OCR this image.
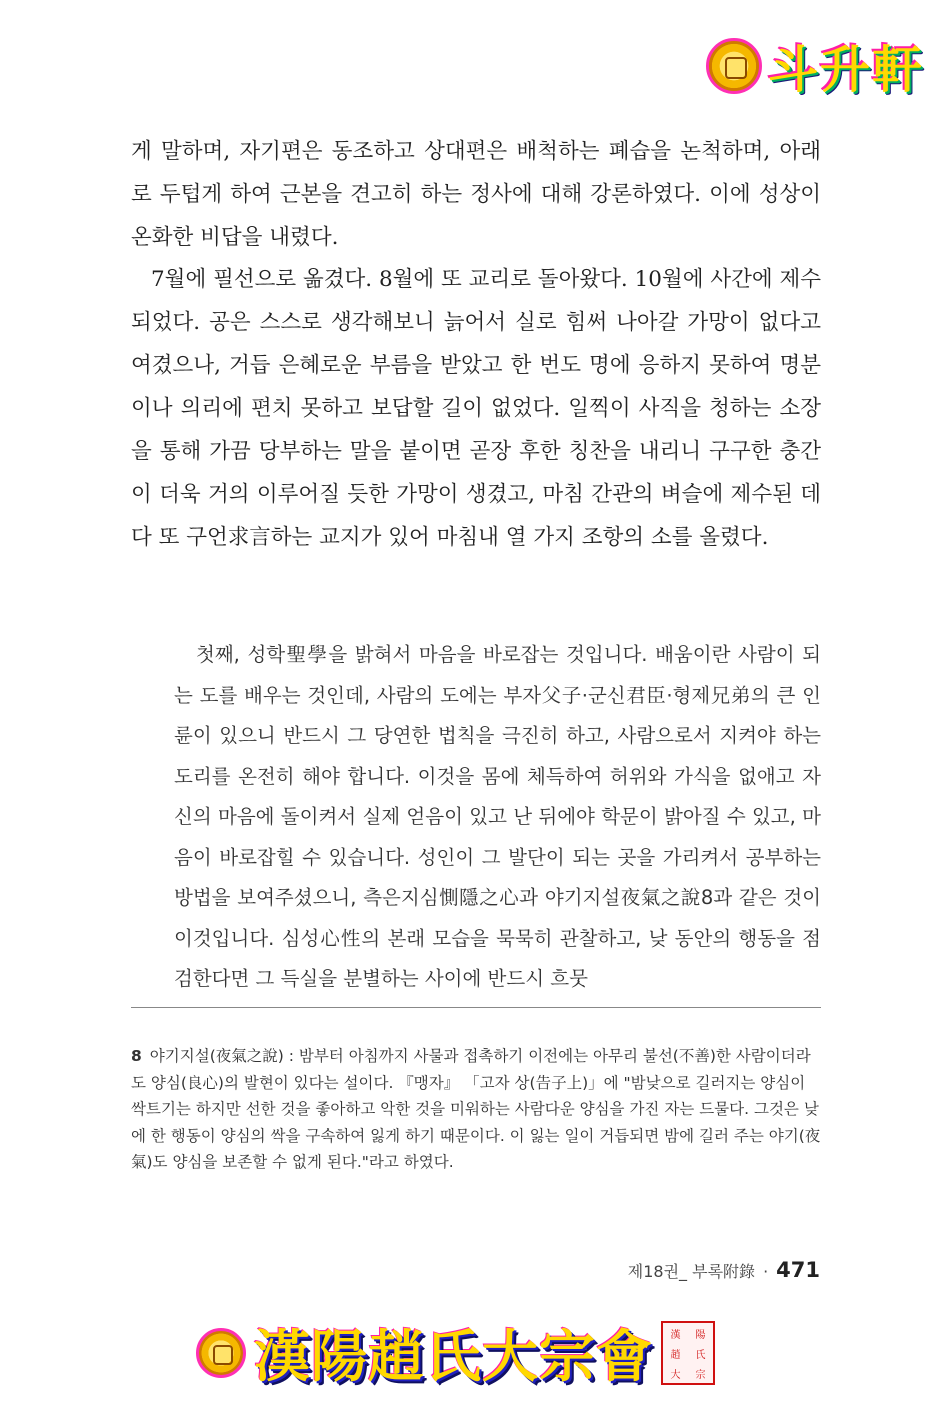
斗升軒

게 말하며, 자기편은 동조하고 상대편은 배척하는 폐습을 논척하며, 아래로 두텁게 하여 근본을 견고히 하는 정사에 대해 강론하였다. 이에 성상이 온화한 비답을 내렸다.

7월에 필선으로 옮겼다. 8월에 또 교리로 돌아왔다. 10월에 사간에 제수되었다. 공은 스스로 생각해보니 늙어서 실로 힘써 나아갈 가망이 없다고 여겼으나, 거듭 은혜로운 부름을 받았고 한 번도 명에 응하지 못하여 명분이나 의리에 편치 못하고 보답할 길이 없었다. 일찍이 사직을 청하는 소장을 통해 가끔 당부하는 말을 붙이면 곧장 후한 칭찬을 내리니 구구한 충간이 더욱 거의 이루어질 듯한 가망이 생겼고, 마침 간관의 벼슬에 제수된 데다 또 구언求言하는 교지가 있어 마침내 열 가지 조항의 소를 올렸다.

첫째, 성학聖學을 밝혀서 마음을 바로잡는 것입니다. 배움이란 사람이 되는 도를 배우는 것인데, 사람의 도에는 부자父子·군신君臣·형제兄弟의 큰 인륜이 있으니 반드시 그 당연한 법칙을 극진히 하고, 사람으로서 지켜야 하는 도리를 온전히 해야 합니다. 이것을 몸에 체득하여 허위와 가식을 없애고 자신의 마음에 돌이켜서 실제 얻음이 있고 난 뒤에야 학문이 밝아질 수 있고, 마음이 바로잡힐 수 있습니다. 성인이 그 발단이 되는 곳을 가리켜서 공부하는 방법을 보여주셨으니, 측은지심惻隱之心과 야기지설夜氣之說8과 같은 것이 이것입니다. 심성心性의 본래 모습을 묵묵히 관찰하고, 낮 동안의 행동을 점검한다면 그 득실을 분별하는 사이에 반드시 흐뭇

8 야기지설(夜氣之說) : 밤부터 아침까지 사물과 접촉하기 이전에는 아무리 불선(不善)한 사람이더라도 양심(良心)의 발현이 있다는 설이다. 『맹자』 「고자 상(告子上)」에 "밤낮으로 길러지는 양심이 싹트기는 하지만 선한 것을 좋아하고 악한 것을 미워하는 사람다운 양심을 가진 자는 드물다. 그것은 낮에 한 행동이 양심의 싹을 구속하여 잃게 하기 때문이다. 이 잃는 일이 거듭되면 밤에 길러 주는 야기(夜氣)도 양심을 보존할 수 없게 된다."라고 하였다.
제18권_ 부록附錄 · 471
漢陽趙氏大宗會	漢	陽
趙	氏
大	宗
